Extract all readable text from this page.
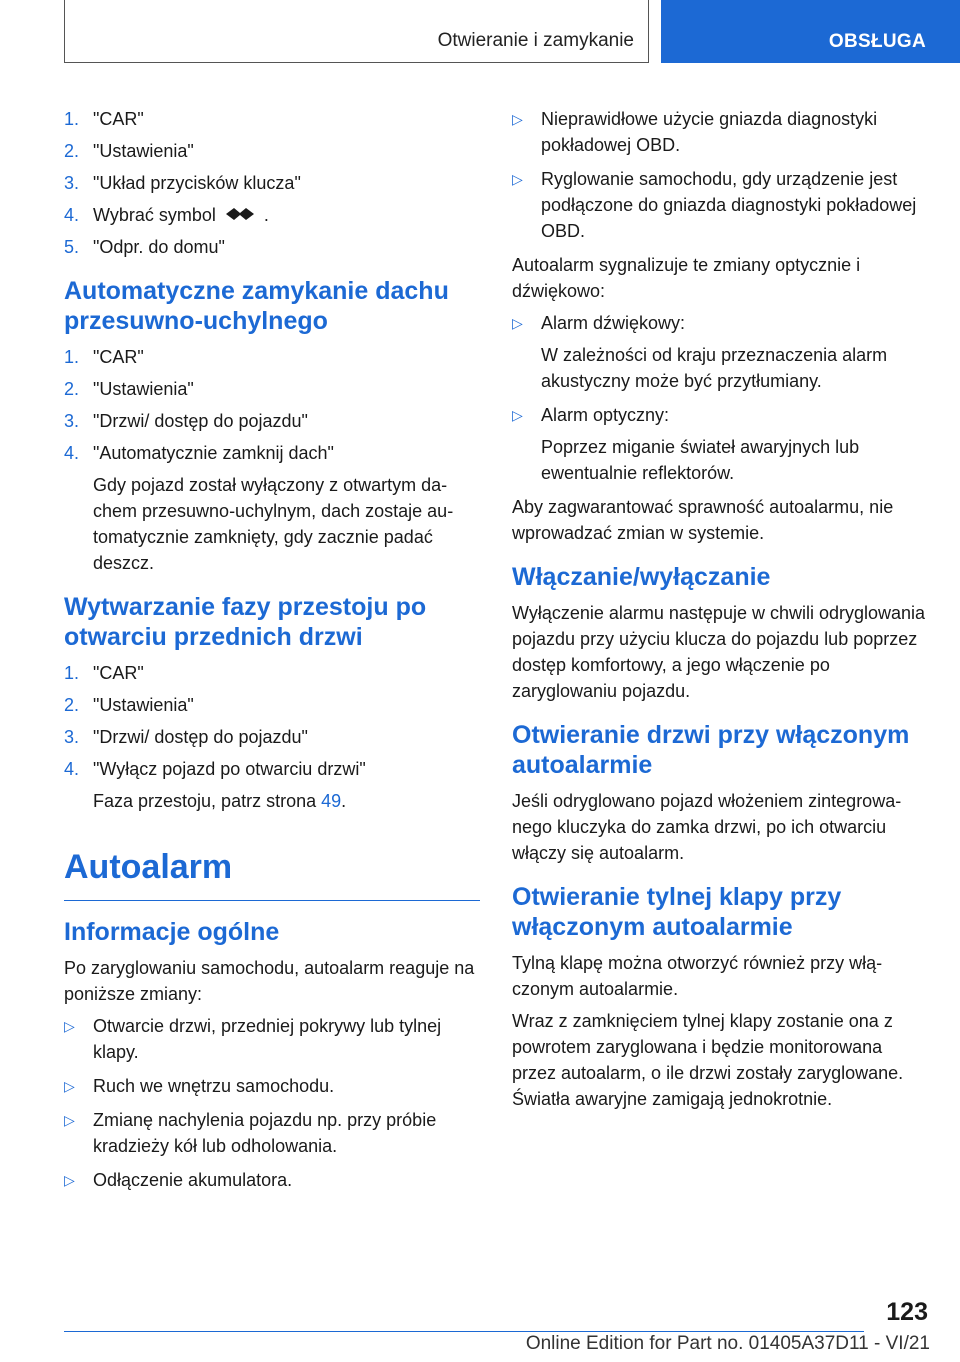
Otwieranie i zamykanie	OBSŁUGA
1. "CAR"
2. "Ustawienia"
3. "Układ przycisków klucza"
4. Wybrać symbol	.
5. "Odpr. do domu"
Automatyczne zamykanie dachu przesuwno-uchylnego
1. "CAR"
2. "Ustawienia"
3. "Drzwi/ dostęp do pojazdu"
4. "Automatycznie zamknij dach"
Gdy pojazd został wyłączony z otwartym dachem przesuwno-uchylnym, dach zostaje automatycznie zamknięty, gdy zacznie padać deszcz.
Wytwarzanie fazy przestoju po otwarciu przednich drzwi
1. "CAR"
2. "Ustawienia"
3. "Drzwi/ dostęp do pojazdu"
4. "Wyłącz pojazd po otwarciu drzwi"
Faza przestoju, patrz strona 49.
Autoalarm
Informacje ogólne

Po zaryglowaniu samochodu, autoalarm reaguje na poniższe zmiany:

▷ Otwarcie drzwi, przedniej pokrywy lub tylnej klapy.
▷ Ruch we wnętrzu samochodu.
▷ Zmianę nachylenia pojazdu np. przy próbie kradzieży kół lub odholowania.
▷ Odłączenie akumulatora.
▷ Nieprawidłowe użycie gniazda diagnostyki pokładowej OBD.
▷ Ryglowanie samochodu, gdy urządzenie jest podłączone do gniazda diagnostyki pokładowej OBD.

Autoalarm sygnalizuje te zmiany optycznie i dźwiękowo:

▷ Alarm dźwiękowy:
W zależności od kraju przeznaczenia alarm akustyczny może być przytłumiany.
▷ Alarm optyczny:
Poprzez miganie świateł awaryjnych lub ewentualnie reflektorów.

Aby zagwarantować sprawność autoalarmu, nie wprowadzać zmian w systemie.

Włączanie/wyłączanie

Wyłączenie alarmu następuje w chwili odryglowania pojazdu przy użyciu klucza do pojazdu lub poprzez dostęp komfortowy, a jego włączenie po zaryglowaniu pojazdu.

Otwieranie drzwi przy włączonym autoalarmie

Jeśli odryglowano pojazd włożeniem zintegrowanego kluczyka do zamka drzwi, po ich otwarciu włączy się autoalarm.

Otwieranie tylnej klapy przy włączonym autoalarmie

Tylną klapę można otworzyć również przy włączonym autoalarmie.

Wraz z zamknięciem tylnej klapy zostanie ona z powrotem zaryglowana i będzie monitorowana przez autoalarm, o ile drzwi zostały zaryglowane. Światła awaryjne zamigają jednokrotnie.

123
Online Edition for Part no. 01405A37D11 - VI/21
